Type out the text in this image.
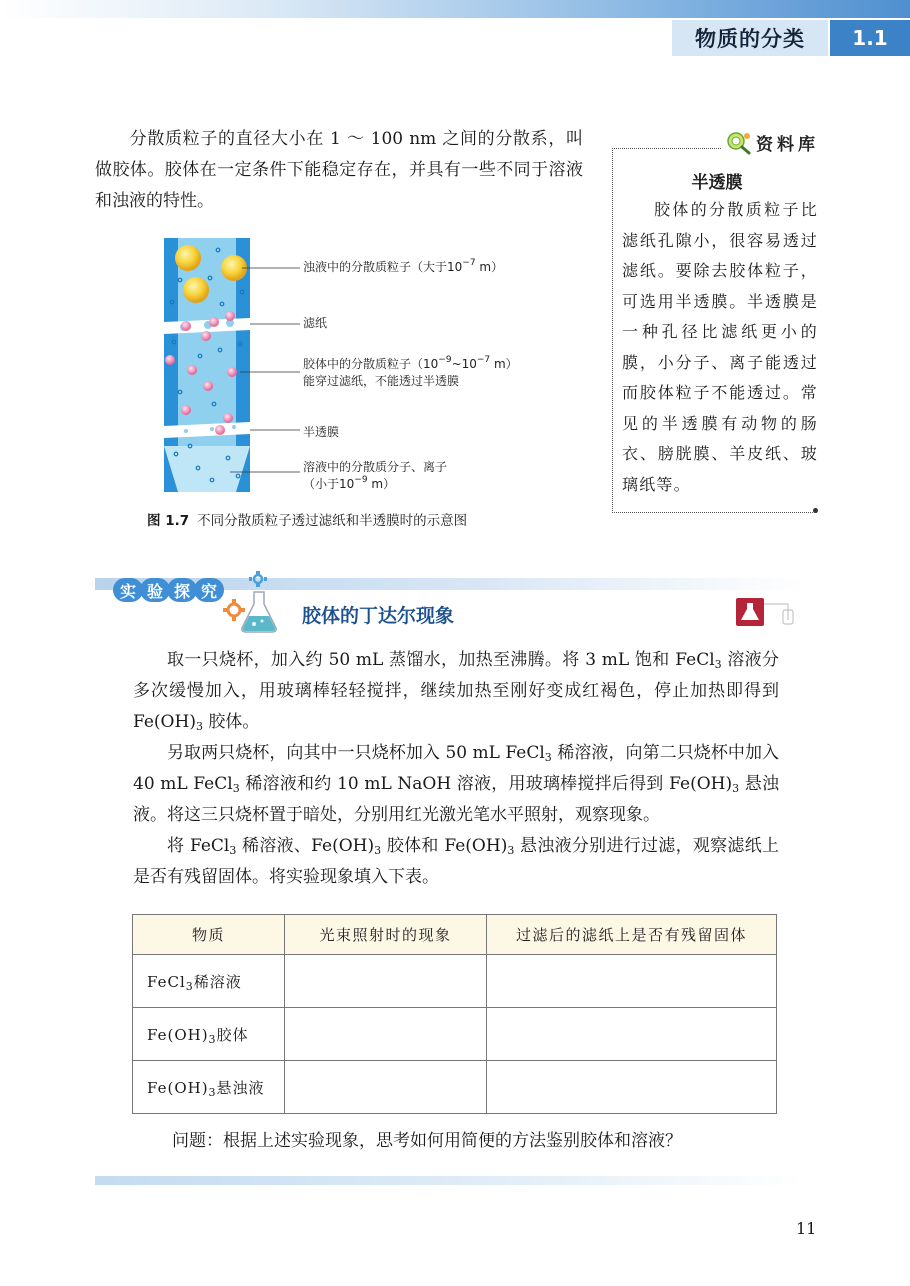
物质的分类	1.1
分散质粒子的直径大小在 1 ～ 100 nm 之间的分散系，叫做胶体。胶体在一定条件下能稳定存在，并具有一些不同于溶液和浊液的特性。
浊液中的分散质粒子（大于$10^{-7}$ m）
滤纸
胶体中的分散质粒子（$10^{-9}\sim 10^{-7}$ m）
能穿过滤纸，不能透过半透膜
半透膜
溶液中的分散质分子、离子
（小于$10^{-9}$ m）
图 1.7 不同分散质粒子透过滤纸和半透膜时的示意图
资料库
半透膜
胶体的分散质粒子比滤纸孔隙小，很容易透过滤纸。要除去胶体粒子，可选用半透膜。半透膜是一种孔径比滤纸更小的膜，小分子、离子能透过而胶体粒子不能透过。常见的半透膜有动物的肠衣、膀胱膜、羊皮纸、玻璃纸等。
实 验 探 究
胶体的丁达尔现象

取一只烧杯，加入约 50 mL 蒸馏水，加热至沸腾。将 3 mL 饱和 FeCl$_3$ 溶液分多次缓慢加入，用玻璃棒轻轻搅拌，继续加热至刚好变成红褐色，停止加热即得到 $Fe(OH)_3$ 胶体。

另取两只烧杯，向其中一只烧杯加入 50 mL FeCl$_3$ 稀溶液，向第二只烧杯中加入 40 mL FeCl$_3$ 稀溶液和约 10 mL NaOH 溶液，用玻璃棒搅拌后得到 $Fe(OH)_3$ 悬浊液。将这三只烧杯置于暗处，分别用红光激光笔水平照射，观察现象。

将 FeCl$_3$ 稀溶液、$Fe(OH)_3$ 胶体和 $Fe(OH)_3$ 悬浊液分别进行过滤，观察滤纸上是否有残留固体。将实验现象填入下表。

物质	光束照射时的现象	过滤后的滤纸上是否有残留固体
FeCl$_3$稀溶液		
$Fe(OH)_3$胶体		
$Fe(OH)_3$悬浊液		
问题：根据上述实验现象，思考如何用简便的方法鉴别胶体和溶液？
11
